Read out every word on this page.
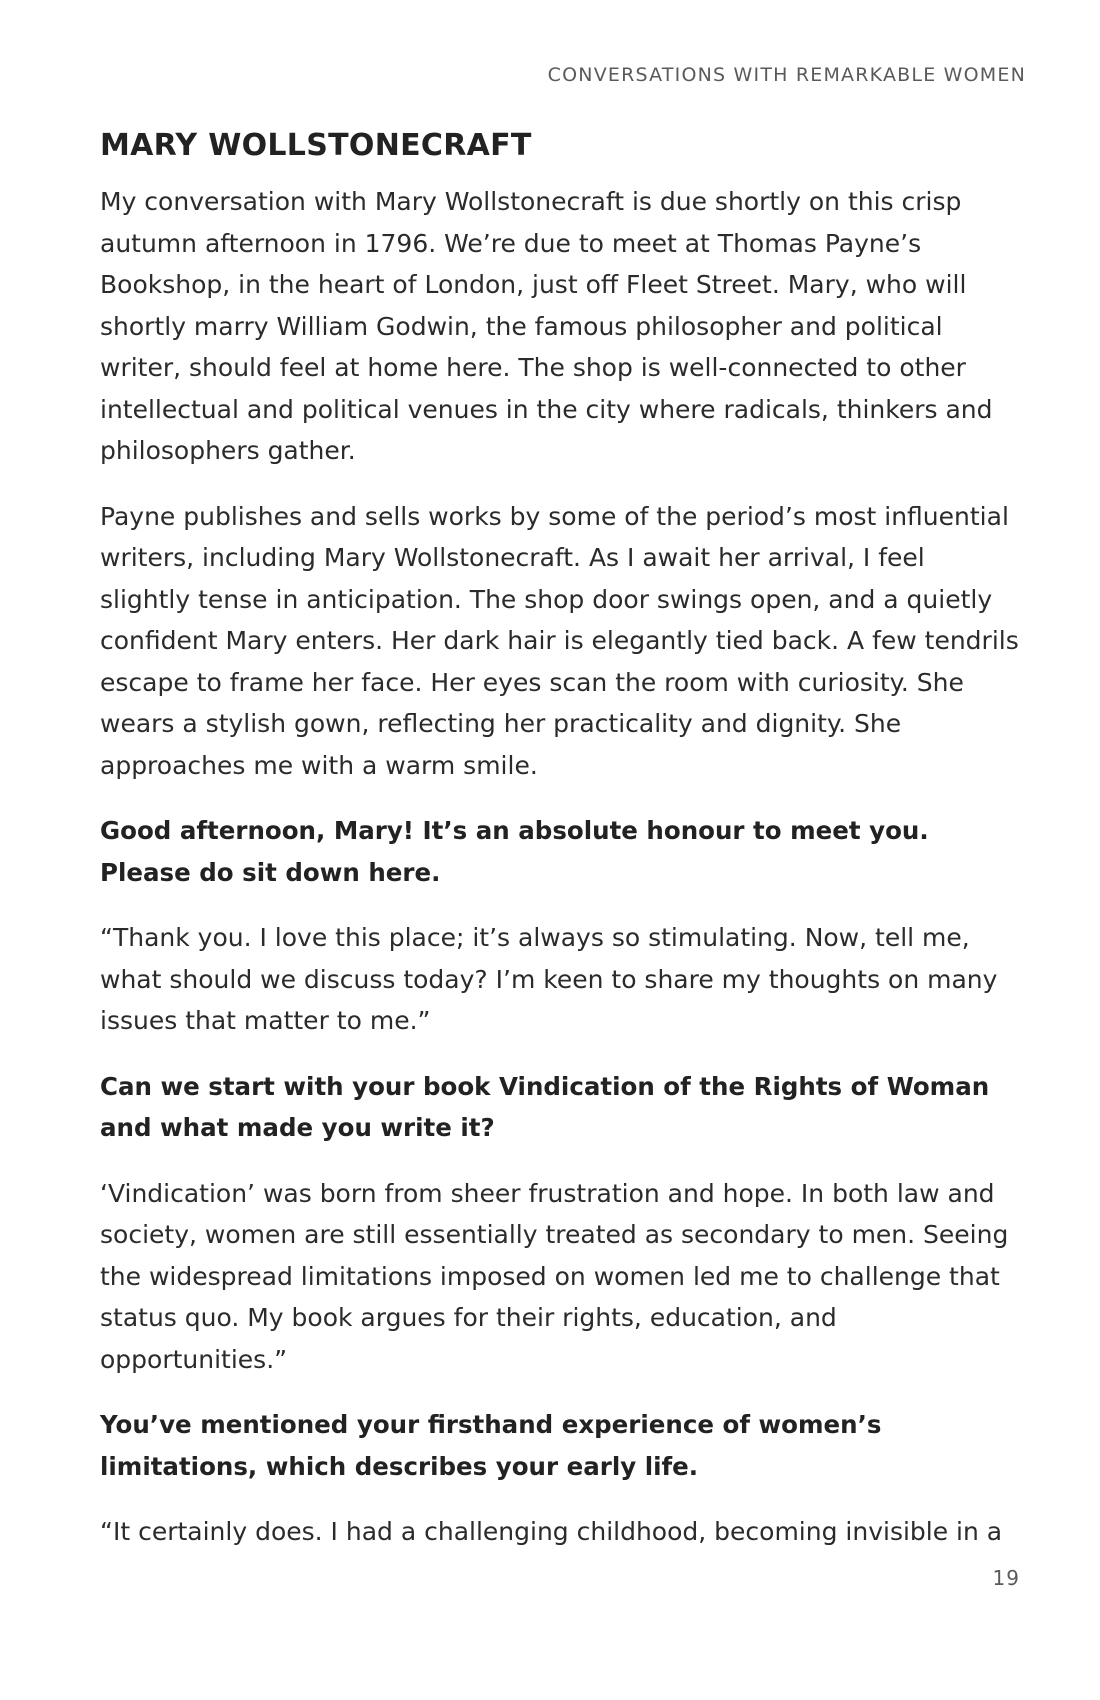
CONVERSATIONS WITH REMARKABLE WOMEN
MARY WOLLSTONECRAFT

My conversation with Mary Wollstonecraft is due shortly on this crisp autumn afternoon in 1796. We’re due to meet at Thomas Payne’s Bookshop, in the heart of London, just off Fleet Street. Mary, who will shortly marry William Godwin, the famous philosopher and political writer, should feel at home here. The shop is well-connected to other intellectual and political venues in the city where radicals, thinkers and philosophers gather.

Payne publishes and sells works by some of the period’s most influential writers, including Mary Wollstonecraft. As I await her arrival, I feel slightly tense in anticipation. The shop door swings open, and a quietly confident Mary enters. Her dark hair is elegantly tied back. A few tendrils escape to frame her face. Her eyes scan the room with curiosity. She wears a stylish gown, reflecting her practicality and dignity. She approaches me with a warm smile.

Good afternoon, Mary! It’s an absolute honour to meet you. Please do sit down here.

“Thank you. I love this place; it’s always so stimulating. Now, tell me, what should we discuss today? I’m keen to share my thoughts on many issues that matter to me.”

Can we start with your book Vindication of the Rights of Woman and what made you write it?

‘Vindication’ was born from sheer frustration and hope. In both law and society, women are still essentially treated as secondary to men. Seeing the widespread limitations imposed on women led me to challenge that status quo. My book argues for their rights, education, and opportunities.”

You’ve mentioned your firsthand experience of women’s limitations, which describes your early life.

“It certainly does. I had a challenging childhood, becoming invisible in a

19
